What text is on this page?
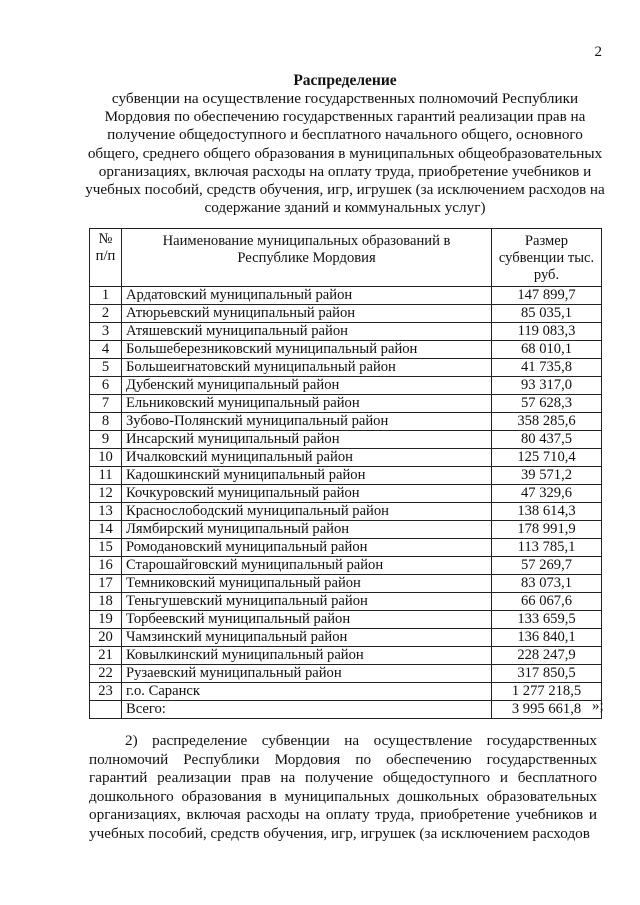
2
Распределение
субвенции на осуществление государственных полномочий Республики Мордовия по обеспечению государственных гарантий реализации прав на получение общедоступного и бесплатного начального общего, основного общего, среднего общего образования в муниципальных общеобразовательных организациях, включая расходы на оплату труда, приобретение учебников и учебных пособий, средств обучения, игр, игрушек (за исключением расходов на содержание зданий и коммунальных услуг)
№ п/п	Наименование муниципальных образований в Республике Мордовия	Размер субвенции тыс. руб.
1	Ардатовский муниципальный район	147 899,7
2	Атюрьевский муниципальный район	85 035,1
3	Атяшевский муниципальный район	119 083,3
4	Большеберезниковский муниципальный район	68 010,1
5	Большеигнатовский муниципальный район	41 735,8
6	Дубенский муниципальный район	93 317,0
7	Ельниковский муниципальный район	57 628,3
8	Зубово-Полянский муниципальный район	358 285,6
9	Инсарский муниципальный район	80 437,5
10	Ичалковский муниципальный район	125 710,4
11	Кадошкинский муниципальный район	39 571,2
12	Кочкуровский муниципальный район	47 329,6
13	Краснослободский муниципальный район	138 614,3
14	Лямбирский муниципальный район	178 991,9
15	Ромодановский муниципальный район	113 785,1
16	Старошайговский муниципальный район	57 269,7
17	Темниковский муниципальный район	83 073,1
18	Теньгушевский муниципальный район	66 067,6
19	Торбеевский муниципальный район	133 659,5
20	Чамзинский муниципальный район	136 840,1
21	Ковылкинский муниципальный район	228 247,9
22	Рузаевский муниципальный район	317 850,5
23	г.о. Саранск	1 277 218,5
	Всего:	3 995 661,8 »;
2) распределение субвенции на осуществление государственных полномочий Республики Мордовия по обеспечению государственных гарантий реализации прав на получение общедоступного и бесплатного дошкольного образования в муниципальных дошкольных образовательных организациях, включая расходы на оплату труда, приобретение учебников и учебных пособий, средств обучения, игр, игрушек (за исключением расходов
